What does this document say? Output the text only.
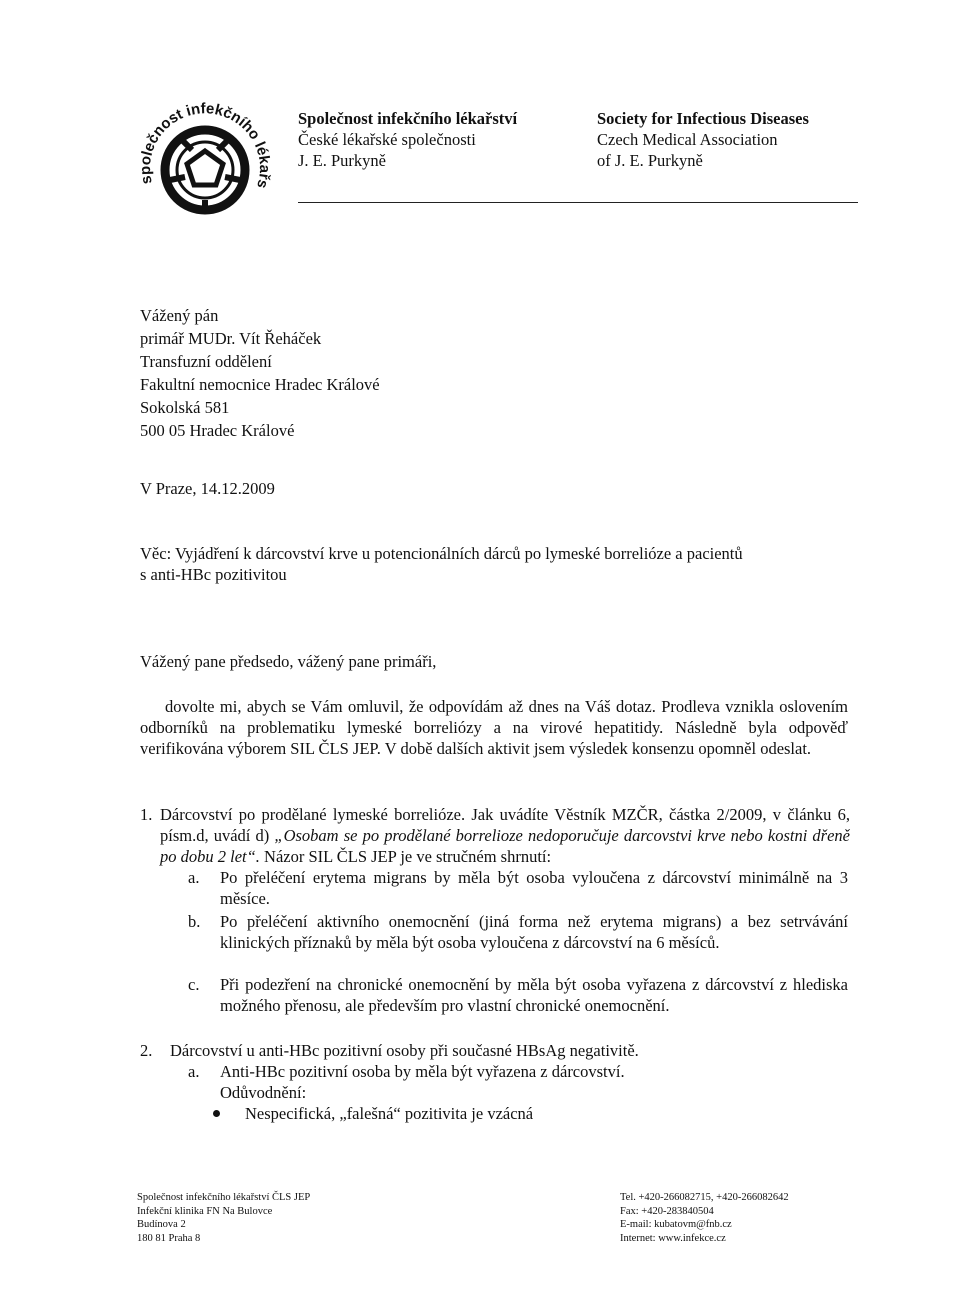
společnost infekčního lékařs
Společnost infekčního lékařství
České lékařské společnosti
J. E. Purkyně
Society for Infectious Diseases
Czech Medical Association
of J. E. Purkyně
Vážený pán
primář MUDr. Vít Řeháček
Transfuzní oddělení
Fakultní nemocnice Hradec Králové
Sokolská 581
500 05 Hradec Králové
V Praze, 14.12.2009
Věc: Vyjádření k dárcovství krve u potencionálních dárců po lymeské borrelióze a pacientů
s anti-HBc pozitivitou
Vážený pane předsedo, vážený pane primáři,
dovolte mi, abych se Vám omluvil, že odpovídám až dnes na Váš dotaz. Prodleva vznikla oslovením odborníků na problematiku lymeské borreliózy a na virové hepatitidy. Následně byla odpověď verifikována výborem SIL ČLS JEP. V době dalších aktivit jsem výsledek konsenzu opomněl odeslat.
1. Dárcovství po prodělané lymeské borrelióze. Jak uvádíte Věstník MZČR, částka 2/2009, v článku 6, písm.d, uvádí d) „Osobam se po prodělané borrelioze nedoporučuje darcovstvi krve nebo kostni dřeně po dobu 2 let“. Názor SIL ČLS JEP je ve stručném shrnutí:
a. Po přeléčení erytema migrans by měla být osoba vyloučena z dárcovství minimálně na 3 měsíce.
b. Po přeléčení aktivního onemocnění (jiná forma než erytema migrans) a bez setrvávání klinických příznaků by měla být osoba vyloučena z dárcovství na 6 měsíců.
c. Při podezření na chronické onemocnění by měla být osoba vyřazena z dárcovství z hlediska možného přenosu, ale především pro vlastní chronické onemocnění.
2. Dárcovství u anti-HBc pozitivní osoby při současné HBsAg negativitě.
a. Anti-HBc pozitivní osoba by měla být vyřazena z dárcovství.
Odůvodnění:
Nespecifická, „falešná“ pozitivita je vzácná
Společnost infekčního lékařství ČLS JEP
Infekční klinika FN Na Bulovce
Budínova 2
180 81 Praha 8
Tel. +420-266082715, +420-266082642
Fax: +420-283840504
E-mail: kubatovm@fnb.cz
Internet: www.infekce.cz
